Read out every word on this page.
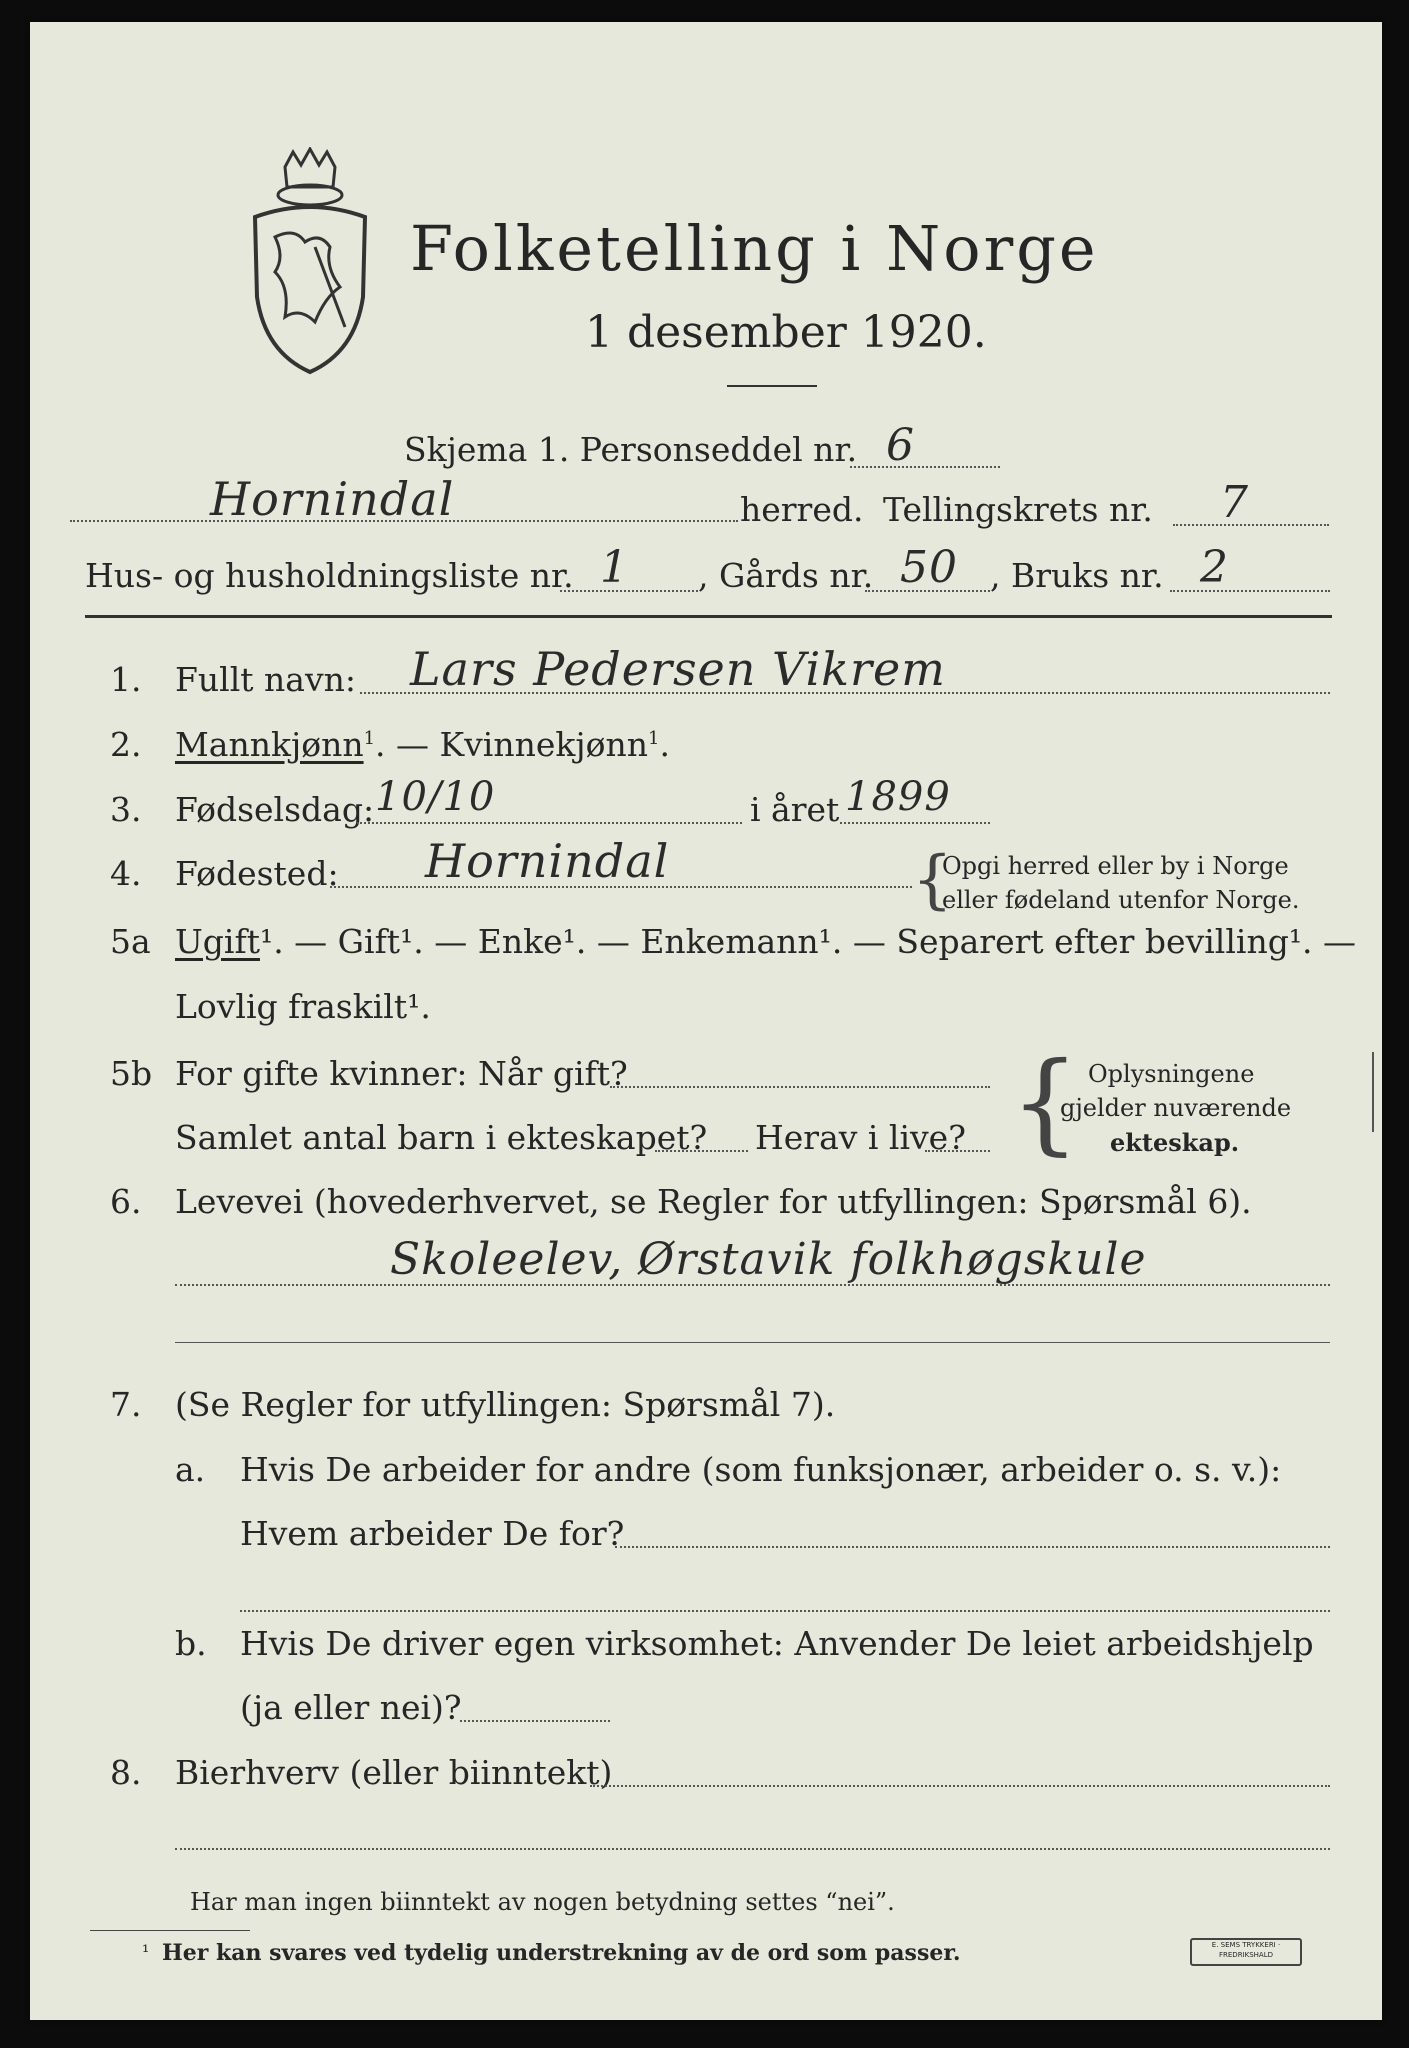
Folketelling i Norge
1 desember 1920.
Skjema 1. Personseddel nr. 6
Hornindal	herred. Tellingskrets nr. 7
Hus- og husholdningsliste nr. 1 , Gårds nr. 50 , Bruks nr. 2
1. Fullt navn: Lars Pedersen Vikrem
2. Mannkjønn$^1$. — Kvinnekjønn$^1$.
3. Fødselsdag: 10/10	i året 1899
4. Fødested: Hornindal	{
Opgi herred eller by i Norge
eller fødeland utenfor Norge.
5a Ugift¹. — Gift¹. — Enke¹. — Enkemann¹. — Separert efter bevilling¹. —
Lovlig fraskilt¹.
5b For gifte kvinner: Når gift?
Samlet antal barn i ekteskapet? Herav i live? { Oplysningene
gjelder nuværende
ekteskap.
6. Levevei (hovederhvervet, se Regler for utfyllingen: Spørsmål 6).
Skoleelev, Ørstavik folkhøgskule
7. (Se Regler for utfyllingen: Spørsmål 7).
a. Hvis De arbeider for andre (som funksjonær, arbeider o. s. v.):
Hvem arbeider De for?
b. Hvis De driver egen virksomhet: Anvender De leiet arbeidshjelp
(ja eller nei)?
8. Bierhverv (eller biinntekt)
Har man ingen biinntekt av nogen betydning settes “nei”.
¹ Her kan svares ved tydelig understrekning av de ord som passer.	E. SEMS TRYKKERI · FREDRIKSHALD
